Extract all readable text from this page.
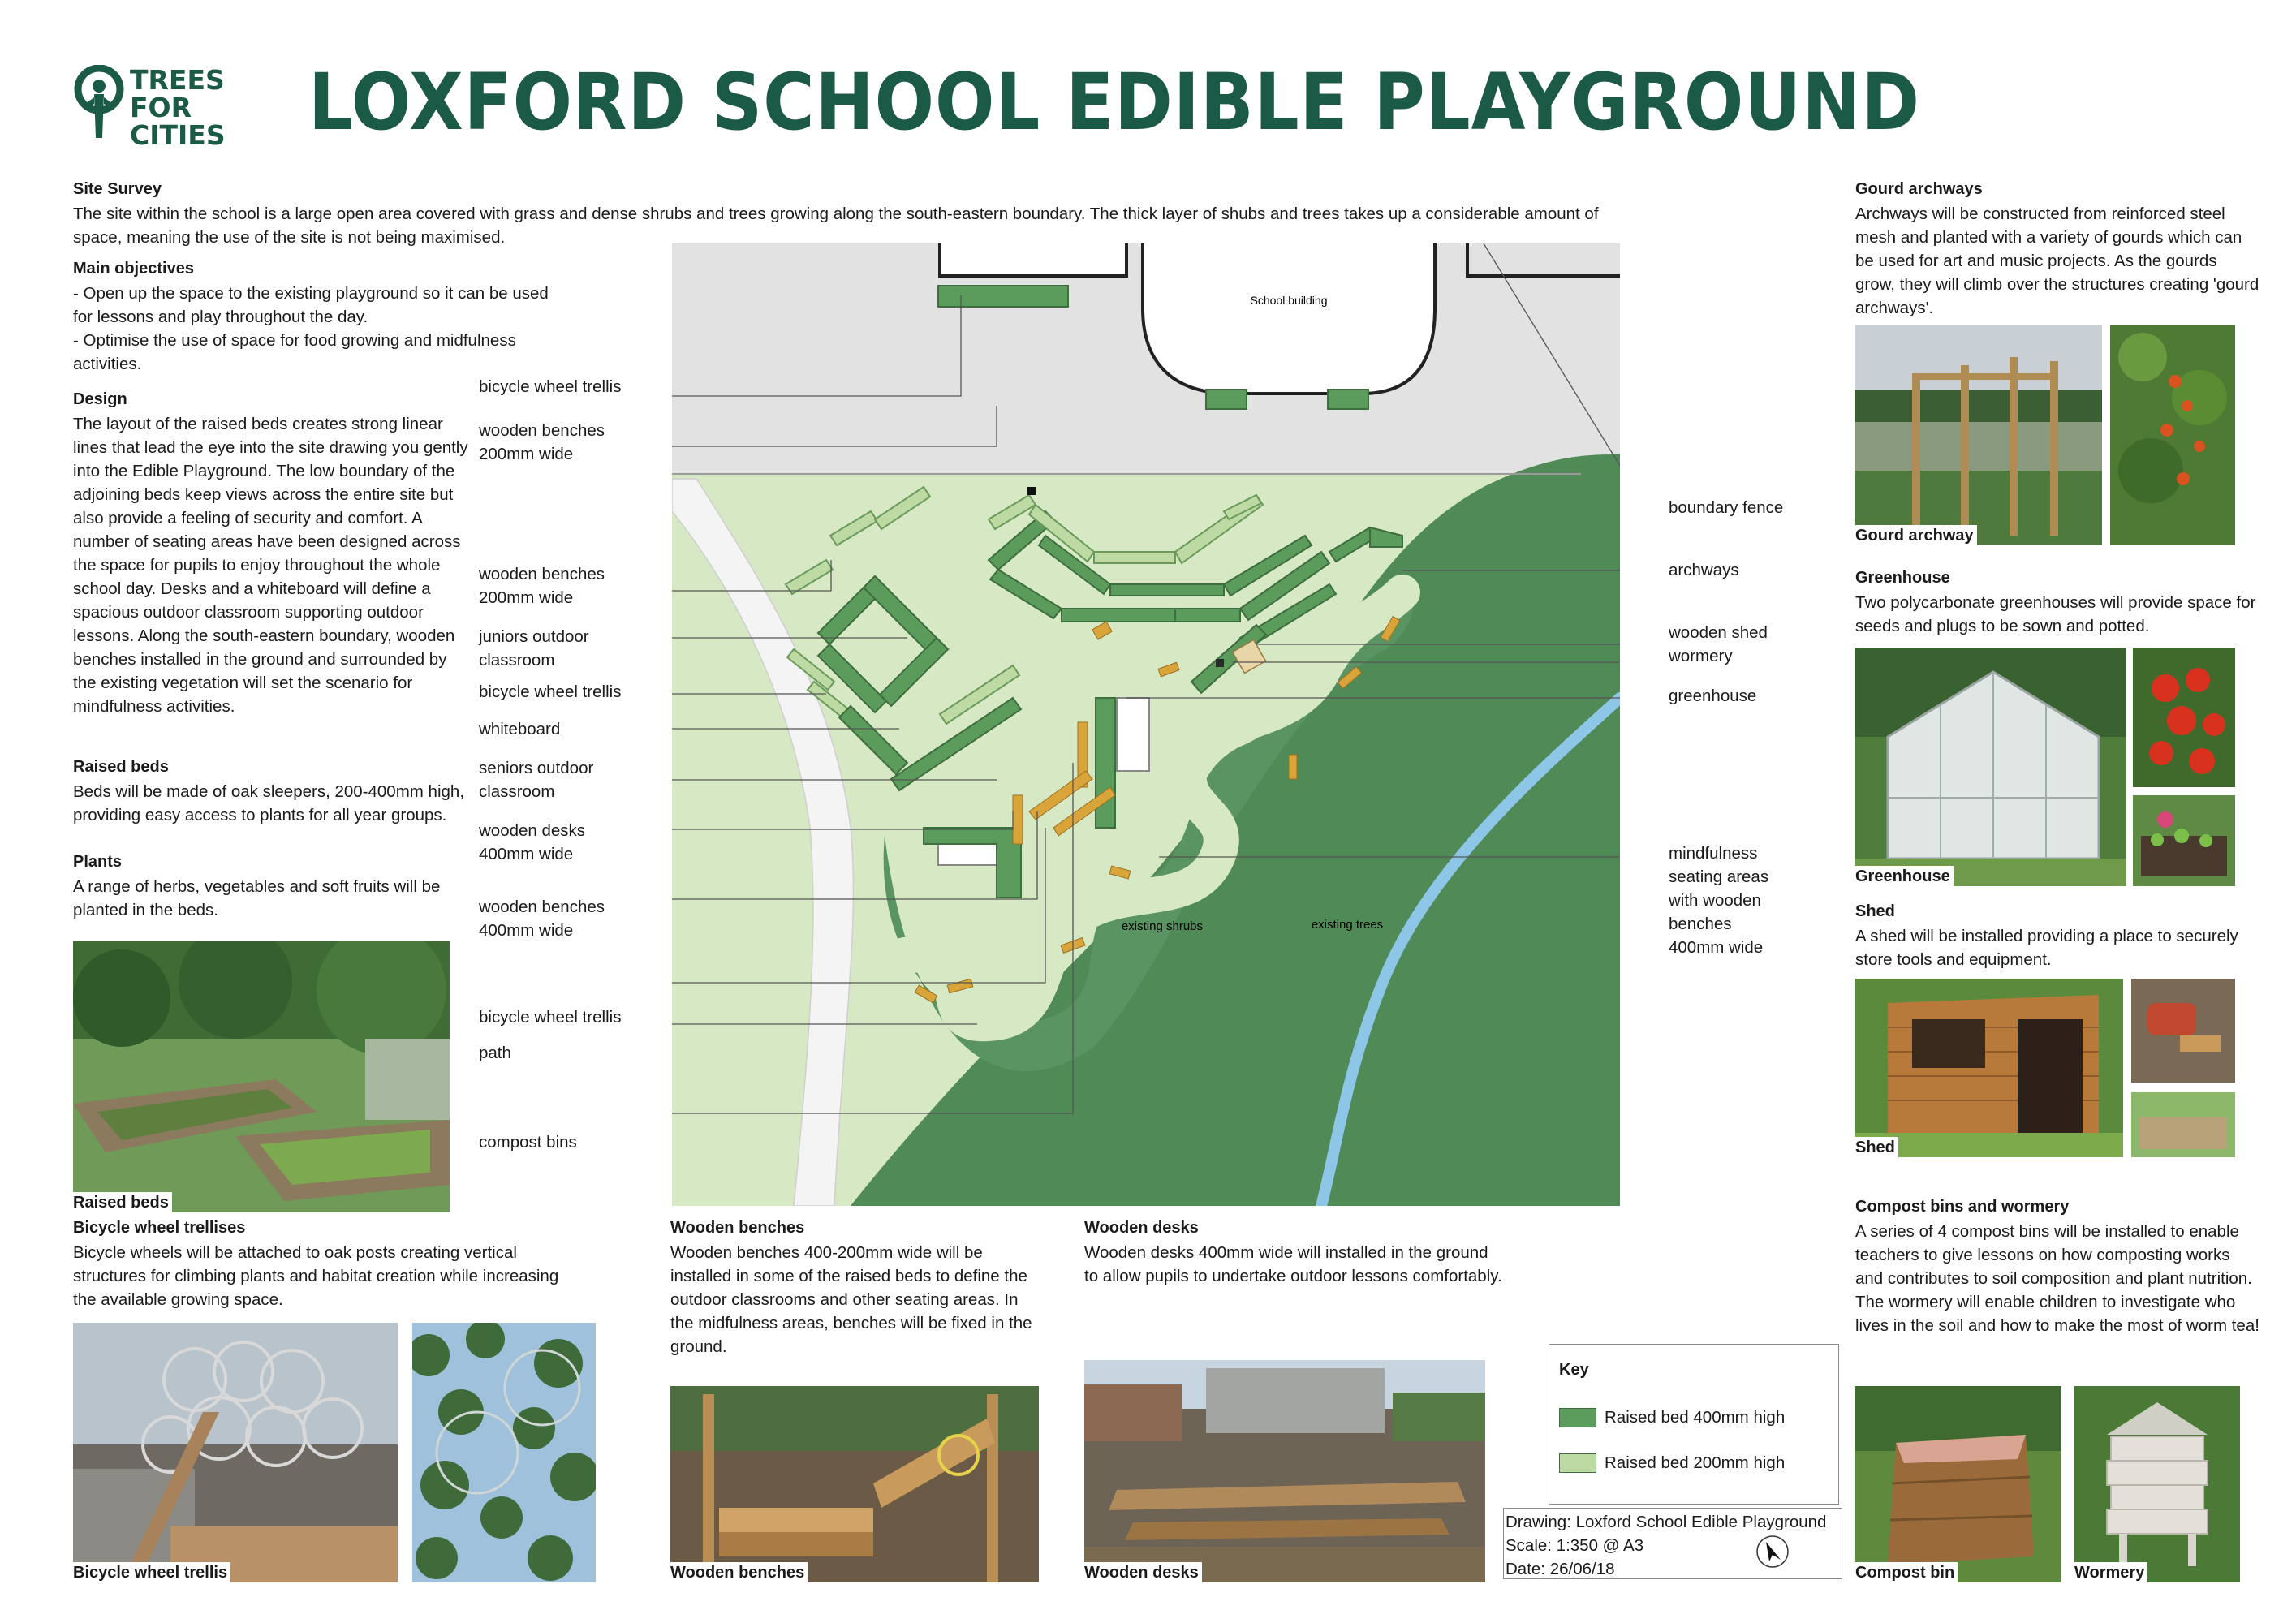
TREES
FOR CITIES	LOXFORD SCHOOL EDIBLE PLAYGROUND
Site Survey

The site within the school is a large open area covered with grass and dense shrubs and trees growing along the south-eastern boundary. The thick layer of shubs and trees takes up a considerable amount of space, meaning the use of the site is not being maximised.

Main objectives

- Open up the space to the existing playground so it can be used for lessons and play throughout the day.

- Optimise the use of space for food growing and midfulness activities.

Design

The layout of the raised beds creates strong linear lines that lead the eye into the site drawing you gently into the Edible Playground. The low boundary of the adjoining beds keep views across the entire site but also provide a feeling of security and comfort. A number of seating areas have been designed across the space for pupils to enjoy throughout the whole school day. Desks and a whiteboard will define a spacious outdoor classroom supporting outdoor lessons. Along the south-eastern boundary, wooden benches installed in the ground and surrounded by the existing vegetation will set the scenario for mindfulness activities.

Raised beds

Beds will be made of oak sleepers, 200-400mm high, providing easy access to plants for all year groups.

Plants

A range of herbs, vegetables and soft fruits will be planted in the beds.

Raised beds
Bicycle wheel trellises

Bicycle wheels will be attached to oak posts creating vertical structures for climbing plants and habitat creation while increasing the available growing space.

Bicycle wheel trellis
Wooden benches

Wooden benches 400-200mm wide will be installed in some of the raised beds to define the outdoor classrooms and other seating areas. In the midfulness areas, benches will be fixed in the ground.

Wooden benches
Wooden desks

Wooden desks 400mm wide will installed in the ground to allow pupils to undertake outdoor lessons comfortably.

Wooden desks
Gourd archways

Archways will be constructed from reinforced steel mesh and planted with a variety of gourds which can be used for art and music projects. As the gourds grow, they will climb over the structures creating 'gourd archways'.

Gourd archway
Greenhouse

Two polycarbonate greenhouses will provide space for seeds and plugs to be sown and potted.

Greenhouse
Shed

A shed will be installed providing a place to securely store tools and equipment.

Shed
Compost bins and wormery

A series of 4 compost bins will be installed to enable teachers to give lessons on how composting works and contributes to soil composition and plant nutrition. The wormery will enable children to investigate who lives in the soil and how to make the most of worm tea!

Compost bin	Wormery
School building
existing shrubs	existing trees
bicycle wheel trellis
wooden benches
200mm wide
wooden benches
200mm wide
juniors outdoor
classroom
bicycle wheel trellis
whiteboard
seniors outdoor
classroom
wooden desks
400mm wide
wooden benches
400mm wide
bicycle wheel trellis
path
compost bins
boundary fence
archways
wooden shed
wormery
greenhouse
mindfulness
seating areas
with wooden
benches
400mm wide
Key
Raised bed 400mm high
Raised bed 200mm high
Drawing: Loxford School Edible Playground
Scale: 1:350 @ A3
Date: 26/06/18
